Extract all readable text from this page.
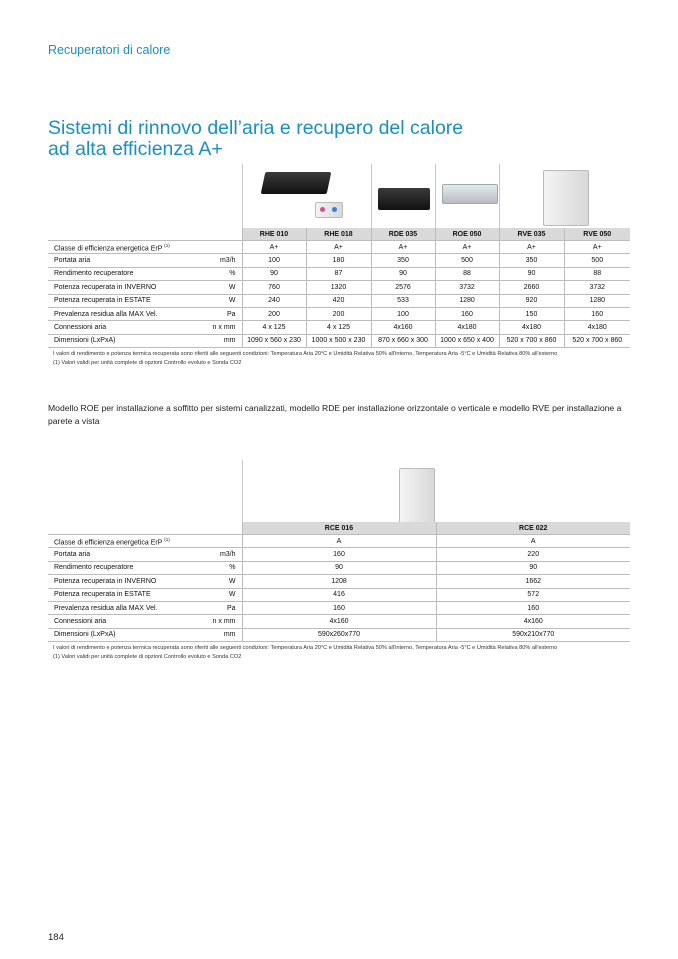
Recuperatori di calore
Sistemi di rinnovo dell’aria e recupero del calore
ad alta efficienza A+
		RHE 010	RHE 018	RDE 035	ROE 050	RVE 035	RVE 050
Classe di efficienza energetica ErP $^{(1)}$		A+	A+	A+	A+	A+	A+
Portata aria	m3/h	100	180	350	500	350	500
Rendimento recuperatore	%	90	87	90	88	90	88
Potenza recuperata in INVERNO	W	760	1320	2576	3732	2660	3732
Potenza recuperata in ESTATE	W	240	420	533	1280	920	1280
Prevalenza residua alla MAX Vel.	Pa	200	200	100	160	150	160
Connessioni aria	n x mm	4 x 125	4 x 125	4x160	4x180	4x180	4x180
Dimensioni (LxPxA)	mm	1090 x 560 x 230	1000 x 500 x 230	870 x 660 x 300	1000 x 650 x 400	520 x 700 x 860	520 x 700 x 860
I valori di rendimento e potenza termica recuperata sono riferiti alle seguenti condizioni: Temperatura Aria 20°C e Umidità Relativa 50% all'interno, Temperatura Aria -5°C e Umidità Relativa 80% all'esterno
(1) Valori validi per unità complete di opzioni Controllo evoluto e Sonda CO2
Modello ROE per installazione a soffitto per sistemi canalizzati, modello RDE per installazione orizzontale o verticale e modello RVE per installazione a parete a vista
		RCE 016	RCE 022
Classe di efficienza energetica ErP $^{(1)}$		A	A
Portata aria	m3/h	160	220
Rendimento recuperatore	%	90	90
Potenza recuperata in INVERNO	W	1208	1662
Potenza recuperata in ESTATE	W	416	572
Prevalenza residua alla MAX Vel.	Pa	160	160
Connessioni aria	n x mm	4x160	4x160
Dimensioni (LxPxA)	mm	590x260x770	590x210x770
I valori di rendimento e potenza termica recuperata sono riferiti alle seguenti condizioni: Temperatura Aria 20°C e Umidità Relativa 50% all'interno, Temperatura Aria -5°C e Umidità Relativa 80% all'esterno
(1) Valori validi per unità complete di opzioni Controllo evoluto e Sonda CO2
184
